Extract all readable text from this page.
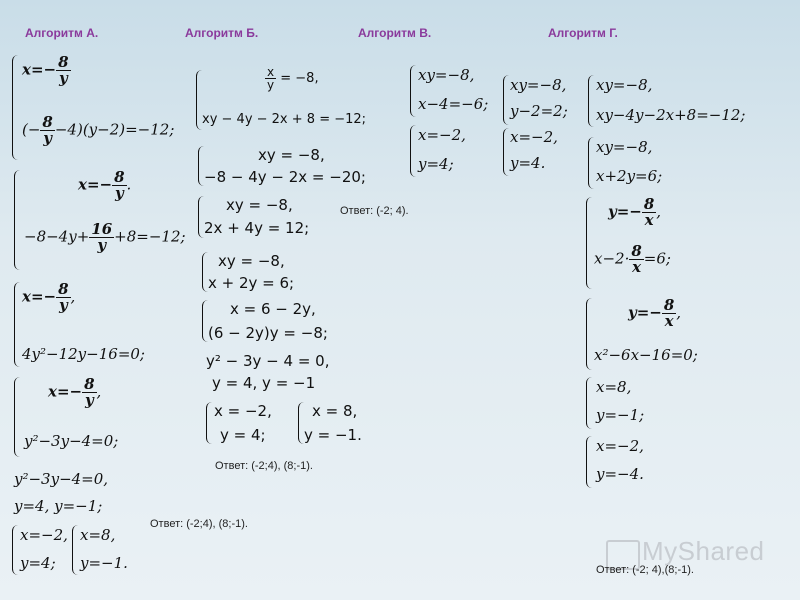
Алгоритм А.	Алгоритм Б.	Алгоритм В.	Алгоритм Г.
$x=- \frac{8}{y}$
(− $\frac{8}{y} -4)(y-2)=-12$;
$x=- \frac{8}{y}$ .
$-8-4y+ \frac{16}{y} +8=-12$;
$x=- \frac{8}{y}$ ,
4y²−12y−16=0;
$x=- \frac{8}{y}$ ,
y²−3y−4=0;
y²−3y−4=0,
y=4, y=−1;
x=−2,
y=4;
x=8,
y=−1.
Ответ: (-2;4), (8;-1).
$\frac{x}{y} = -8$,
xy − 4y − 2x + 8 = −12;
xy = −8,
−8 − 4y − 2x = −20;
xy = −8,
2x + 4y = 12;
xy = −8,
x + 2y = 6;
x = 6 − 2y,
(6 − 2y)y = −8;
y² − 3y − 4 = 0,
y = 4, y = −1
x = −2,
y = 4;
x = 8,
y = −1.
Ответ: (-2;4), (8;-1).
xy=−8,
x−4=−6;
x=−2,
y=4;
Ответ: (-2; 4).
xy=−8,
y−2=2;
x=−2,
y=4.
xy=−8,
xy−4y−2x+8=−12;
xy=−8,
x+2y=6;
$y=- \frac{8}{x}$ ,
$x-2\cdot \frac{8}{x} =6$;
$y=- \frac{8}{x}$ ,
x²−6x−16=0;
x=8,
y=−1;
x=−2,
y=−4.
MyShared
Ответ: (-2; 4),(8;-1).
